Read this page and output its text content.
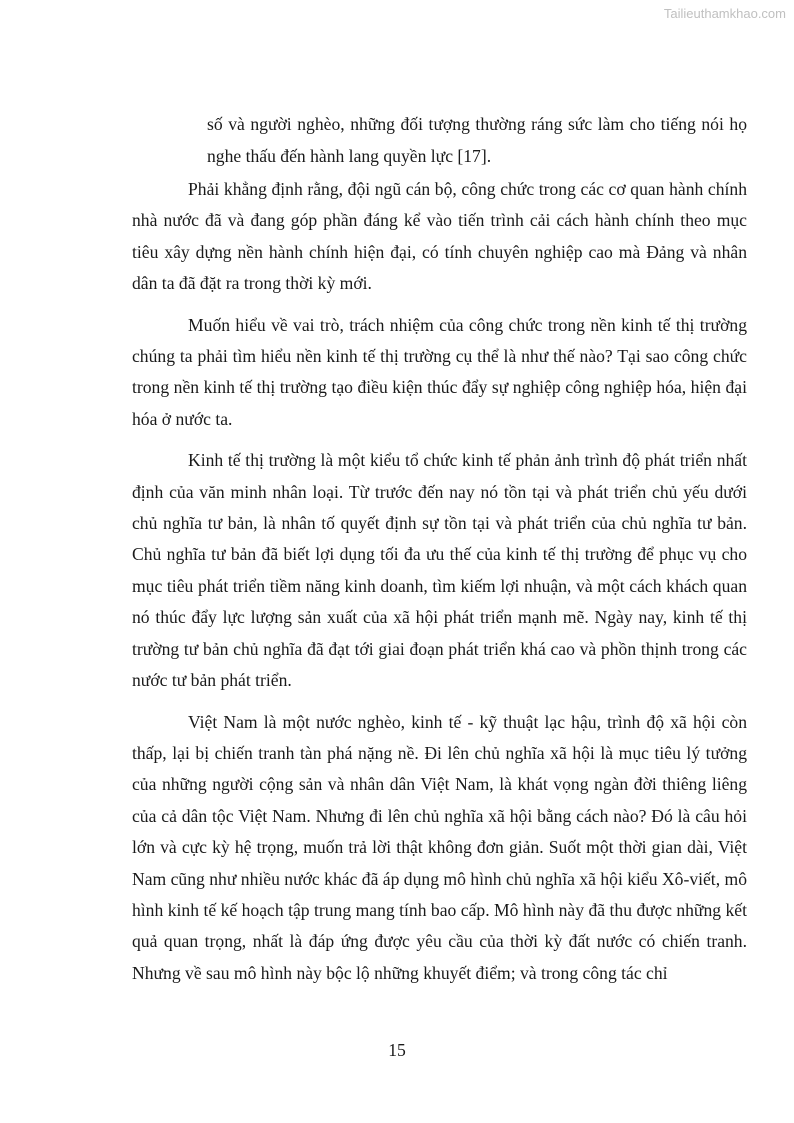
Tailieuthamkhao.com
số và người nghèo, những đối tượng thường ráng sức làm cho tiếng nói họ nghe thấu đến hành lang quyền lực [17].

Phải khẳng định rằng, đội ngũ cán bộ, công chức trong các cơ quan hành chính nhà nước đã và đang góp phần đáng kể vào tiến trình cải cách hành chính theo mục tiêu xây dựng nền hành chính hiện đại, có tính chuyên nghiệp cao mà Đảng và nhân dân ta đã đặt ra trong thời kỳ mới.

Muốn hiểu về vai trò, trách nhiệm của công chức trong nền kinh tế thị trường chúng ta phải tìm hiểu nền kinh tế thị trường cụ thể là như thế nào? Tại sao công chức trong nền kinh tế thị trường tạo điều kiện thúc đẩy sự nghiệp công nghiệp hóa, hiện đại hóa ở nước ta.

Kinh tế thị trường là một kiểu tổ chức kinh tế phản ảnh trình độ phát triển nhất định của văn minh nhân loại. Từ trước đến nay nó tồn tại và phát triển chủ yếu dưới chủ nghĩa tư bản, là nhân tố quyết định sự tồn tại và phát triển của chủ nghĩa tư bản. Chủ nghĩa tư bản đã biết lợi dụng tối đa ưu thế của kinh tế thị trường để phục vụ cho mục tiêu phát triển tiềm năng kinh doanh, tìm kiếm lợi nhuận, và một cách khách quan nó thúc đẩy lực lượng sản xuất của xã hội phát triển mạnh mẽ. Ngày nay, kinh tế thị trường tư bản chủ nghĩa đã đạt tới giai đoạn phát triển khá cao và phồn thịnh trong các nước tư bản phát triển.

Việt Nam là một nước nghèo, kinh tế - kỹ thuật lạc hậu, trình độ xã hội còn thấp, lại bị chiến tranh tàn phá nặng nề. Đi lên chủ nghĩa xã hội là mục tiêu lý tưởng của những người cộng sản và nhân dân Việt Nam, là khát vọng ngàn đời thiêng liêng của cả dân tộc Việt Nam. Nhưng đi lên chủ nghĩa xã hội bằng cách nào? Đó là câu hỏi lớn và cực kỳ hệ trọng, muốn trả lời thật không đơn giản. Suốt một thời gian dài, Việt Nam cũng như nhiều nước khác đã áp dụng mô hình chủ nghĩa xã hội kiểu Xô-viết, mô hình kinh tế kế hoạch tập trung mang tính bao cấp. Mô hình này đã thu được những kết quả quan trọng, nhất là đáp ứng được yêu cầu của thời kỳ đất nước có chiến tranh. Nhưng về sau mô hình này bộc lộ những khuyết điểm; và trong công tác chỉ

15
